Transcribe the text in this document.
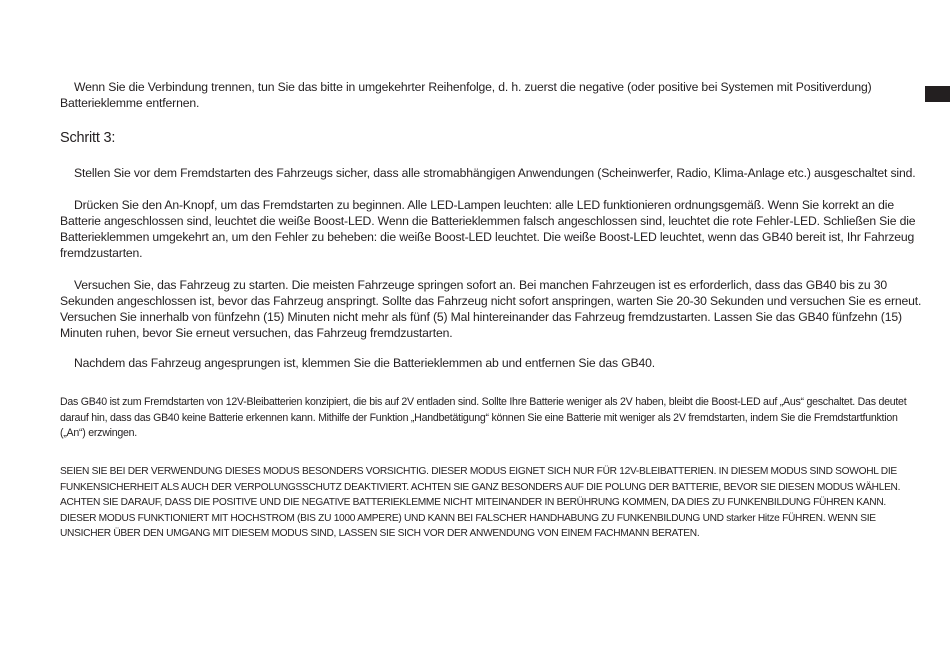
Wenn Sie die Verbindung trennen, tun Sie das bitte in umgekehrter Reihenfolge, d. h. zuerst die negative (oder positive bei Systemen mit Positiverdung) Batterieklemme entfernen.

Schritt 3:

Stellen Sie vor dem Fremdstarten des Fahrzeugs sicher, dass alle stromabhängigen Anwendungen (Scheinwerfer, Radio, Klima-Anlage etc.) ausgeschaltet sind.

Drücken Sie den An-Knopf, um das Fremdstarten zu beginnen. Alle LED-Lampen leuchten: alle LED funktionieren ordnungsgemäß. Wenn Sie korrekt an die Batterie angeschlossen sind, leuchtet die weiße Boost-LED. Wenn die Batterieklemmen falsch angeschlossen sind, leuchtet die rote Fehler-LED. Schließen Sie die Batterieklemmen umgekehrt an, um den Fehler zu beheben: die weiße Boost-LED leuchtet. Die weiße Boost-LED leuchtet, wenn das GB40 bereit ist, Ihr Fahrzeug fremdzustarten.

Versuchen Sie, das Fahrzeug zu starten. Die meisten Fahrzeuge springen sofort an. Bei manchen Fahrzeugen ist es erforderlich, dass das GB40 bis zu 30 Sekunden angeschlossen ist, bevor das Fahrzeug anspringt. Sollte das Fahrzeug nicht sofort anspringen, warten Sie 20-30 Sekunden und versuchen Sie es erneut. Versuchen Sie innerhalb von fünfzehn (15) Minuten nicht mehr als fünf (5) Mal hintereinander das Fahrzeug fremdzustarten. Lassen Sie das GB40 fünfzehn (15) Minuten ruhen, bevor Sie erneut versuchen, das Fahrzeug fremdzustarten.

Nachdem das Fahrzeug angesprungen ist, klemmen Sie die Batterieklemmen ab und entfernen Sie das GB40.

Das GB40 ist zum Fremdstarten von 12V-Bleibatterien konzipiert, die bis auf 2V entladen sind. Sollte Ihre Batterie weniger als 2V haben, bleibt die Boost-LED auf „Aus“ geschaltet. Das deutet darauf hin, dass das GB40 keine Batterie erkennen kann. Mithilfe der Funktion „Handbetätigung“ können Sie eine Batterie mit weniger als 2V fremdstarten, indem Sie die Fremdstartfunktion („An“) erzwingen.

SEIEN SIE BEI DER VERWENDUNG DIESES MODUS BESONDERS VORSICHTIG. DIESER MODUS EIGNET SICH NUR FÜR 12V-BLEIBATTERIEN. IN DIESEM MODUS SIND SOWOHL DIE FUNKENSICHERHEIT ALS AUCH DER VERPOLUNGSSCHUTZ DEAKTIVIERT. ACHTEN SIE GANZ BESONDERS AUF DIE POLUNG DER BATTERIE, BEVOR SIE DIESEN MODUS WÄHLEN. ACHTEN SIE DARAUF, DASS DIE POSITIVE UND DIE NEGATIVE BATTERIEKLEMME NICHT MITEINANDER IN BERÜHRUNG KOMMEN, DA DIES ZU FUNKENBILDUNG FÜHREN KANN. DIESER MODUS FUNKTIONIERT MIT HOCHSTROM (BIS ZU 1000 AMPERE) UND KANN BEI FALSCHER HANDHABUNG ZU FUNKENBILDUNG UND starker Hitze FÜHREN. WENN SIE UNSICHER ÜBER DEN UMGANG MIT DIESEM MODUS SIND, LASSEN SIE SICH VOR DER ANWENDUNG VON EINEM FACHMANN BERATEN.
